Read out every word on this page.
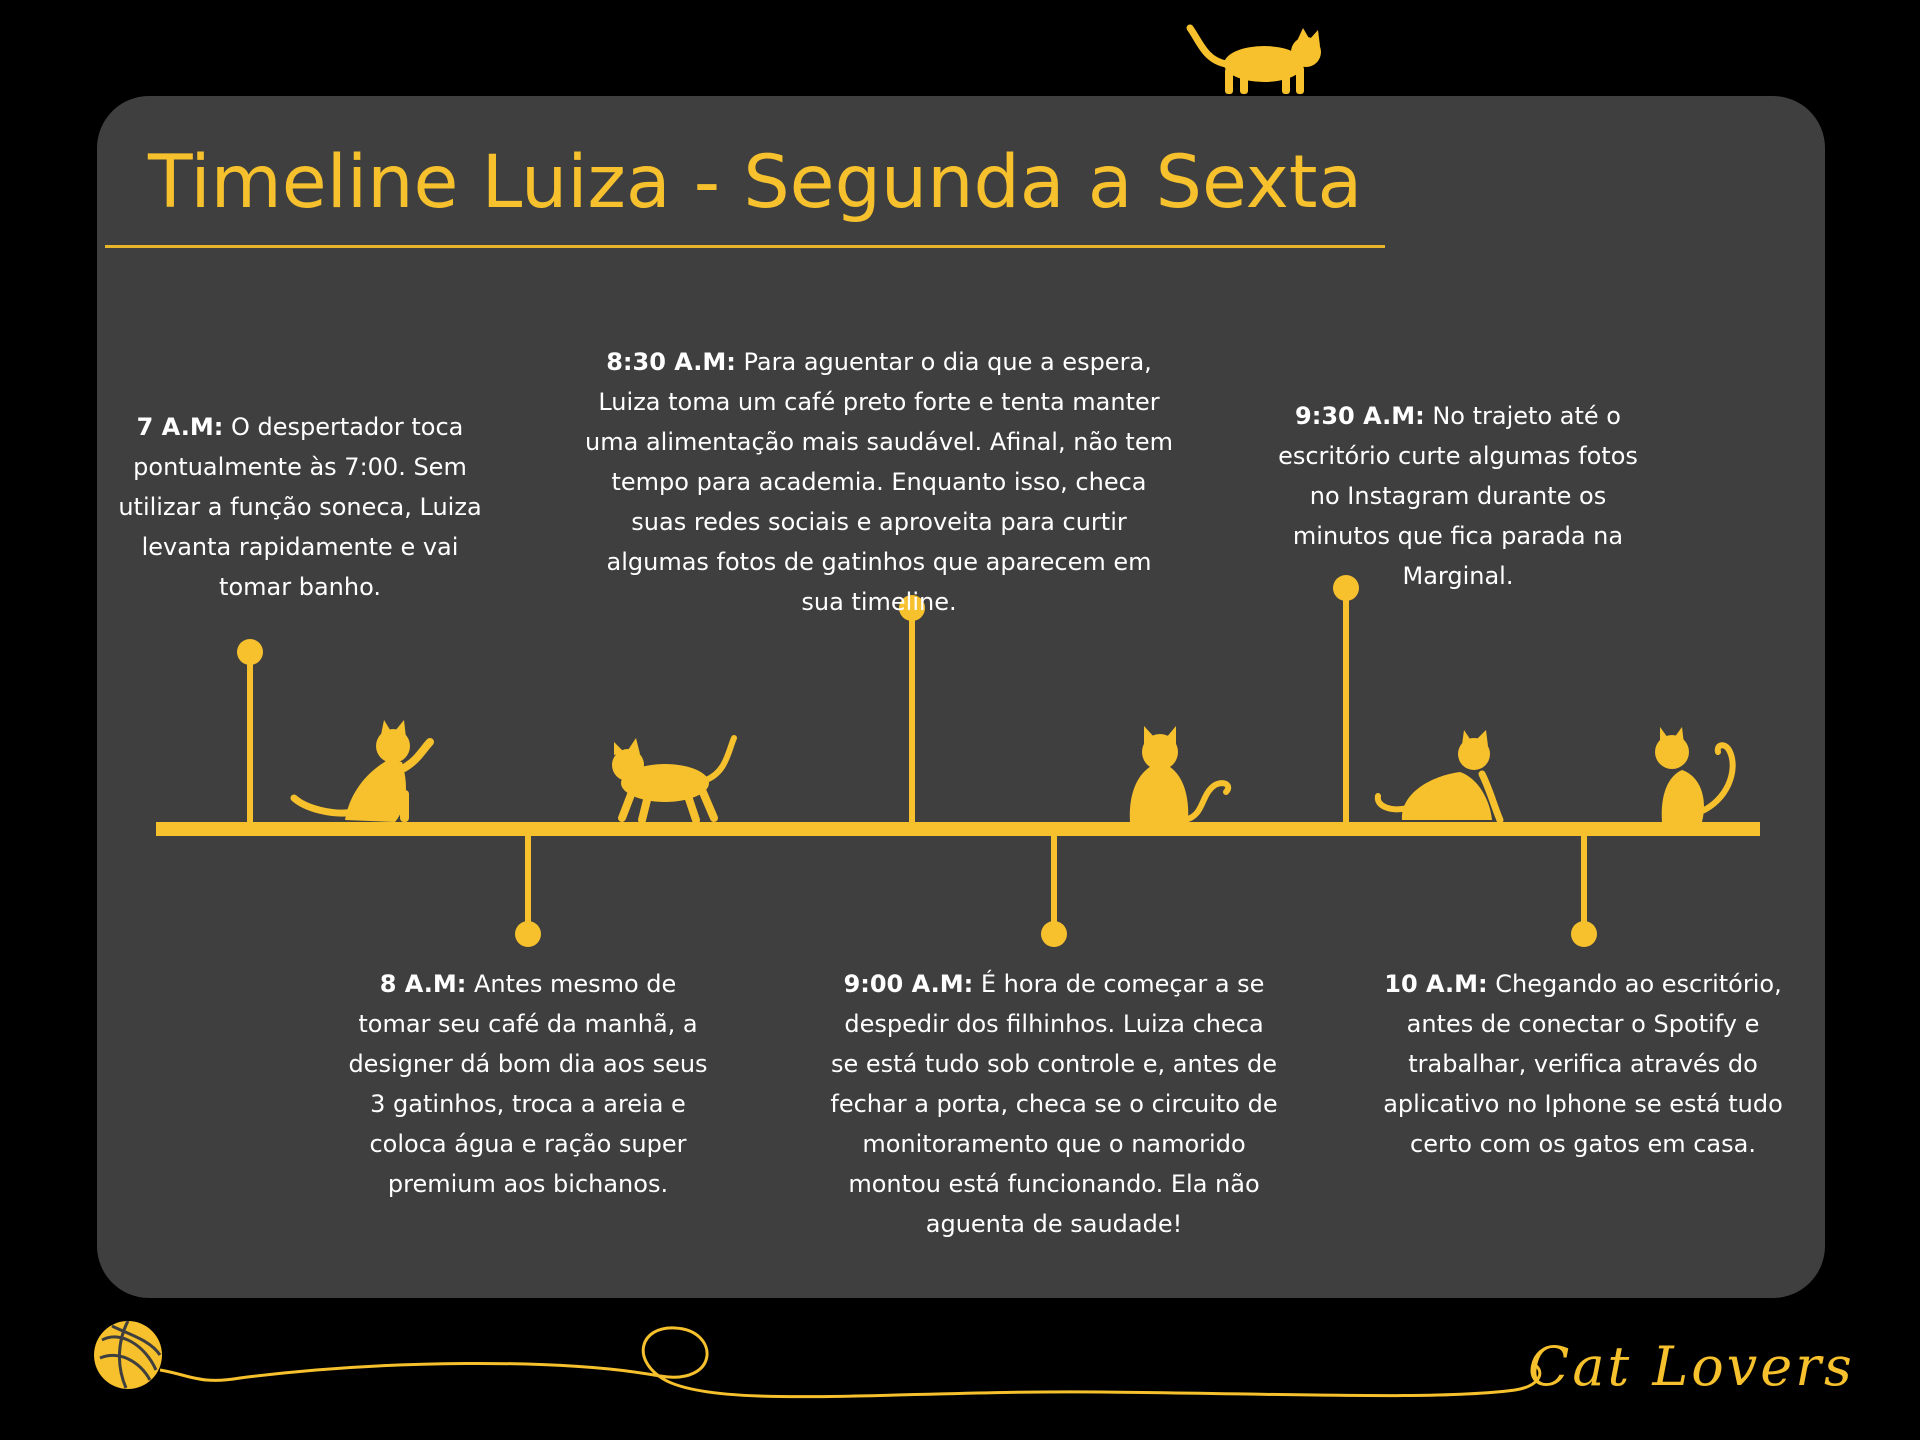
Timeline Luiza - Segunda a Sexta
7 A.M: O despertador toca pontualmente às 7:00. Sem utilizar a função soneca, Luiza levanta rapidamente e vai tomar banho.
8 A.M: Antes mesmo de tomar seu café da manhã, a designer dá bom dia aos seus 3 gatinhos, troca a areia e coloca água e ração super premium aos bichanos.
8:30 A.M: Para aguentar o dia que a espera, Luiza toma um café preto forte e tenta manter uma alimentação mais saudável. Afinal, não tem tempo para academia. Enquanto isso, checa suas redes sociais e aproveita para curtir algumas fotos de gatinhos que aparecem em sua timeline.
9:00 A.M: É hora de começar a se despedir dos filhinhos. Luiza checa se está tudo sob controle e, antes de fechar a porta, checa se o circuito de monitoramento que o namorido montou está funcionando. Ela não aguenta de saudade!
9:30 A.M: No trajeto até o escritório curte algumas fotos no Instagram durante os minutos que fica parada na Marginal.
10 A.M: Chegando ao escritório, antes de conectar o Spotify e trabalhar, verifica através do aplicativo no Iphone se está tudo certo com os gatos em casa.
Cat Lovers
